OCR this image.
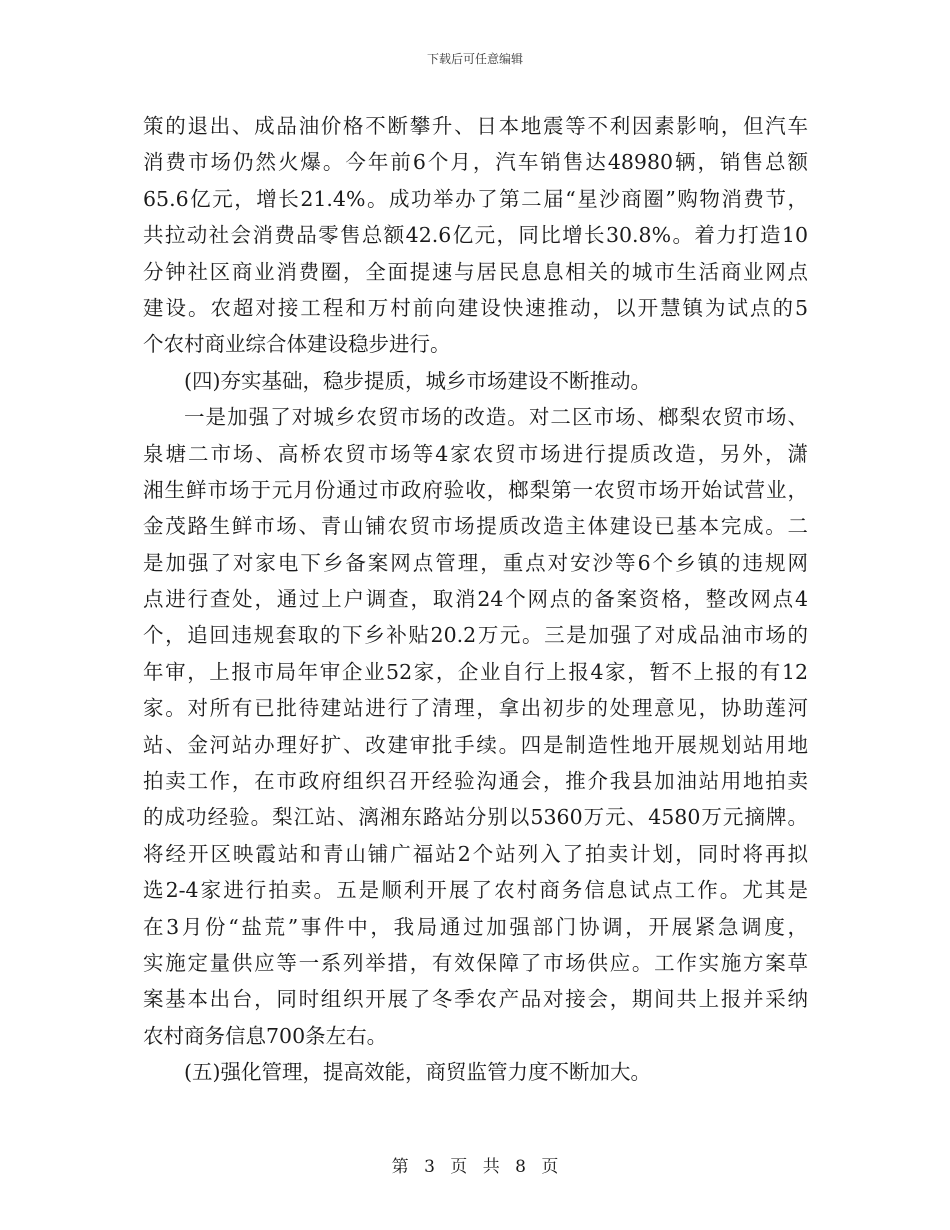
下载后可任意编辑
策的退出、成品油价格不断攀升、日本地震等不利因素影响，但汽车
消费市场仍然火爆。今年前6个月，汽车销售达48980辆，销售总额
65.6亿元，增长21.4%。成功举办了第二届“星沙商圈”购物消费节，
共拉动社会消费品零售总额42.6亿元，同比增长30.8%。着力打造10
分钟社区商业消费圈，全面提速与居民息息相关的城市生活商业网点
建设。农超对接工程和万村前向建设快速推动，以开慧镇为试点的5
个农村商业综合体建设稳步进行。
(四)夯实基础，稳步提质，城乡市场建设不断推动。
一是加强了对城乡农贸市场的改造。对二区市场、榔梨农贸市场、
泉塘二市场、高桥农贸市场等4家农贸市场进行提质改造，另外，潇
湘生鲜市场于元月份通过市政府验收，榔梨第一农贸市场开始试营业，
金茂路生鲜市场、青山铺农贸市场提质改造主体建设已基本完成。二
是加强了对家电下乡备案网点管理，重点对安沙等6个乡镇的违规网
点进行查处，通过上户调查，取消24个网点的备案资格，整改网点4
个，追回违规套取的下乡补贴20.2万元。三是加强了对成品油市场的
年审，上报市局年审企业52家，企业自行上报4家，暂不上报的有12
家。对所有已批待建站进行了清理，拿出初步的处理意见，协助莲河
站、金河站办理好扩、改建审批手续。四是制造性地开展规划站用地
拍卖工作，在市政府组织召开经验沟通会，推介我县加油站用地拍卖
的成功经验。梨江站、漓湘东路站分别以5360万元、4580万元摘牌。
将经开区映霞站和青山铺广福站2个站列入了拍卖计划，同时将再拟
选2-4家进行拍卖。五是顺利开展了农村商务信息试点工作。尤其是
在3月份“盐荒”事件中，我局通过加强部门协调，开展紧急调度，
实施定量供应等一系列举措，有效保障了市场供应。工作实施方案草
案基本出台，同时组织开展了冬季农产品对接会，期间共上报并采纳
农村商务信息700条左右。
(五)强化管理，提高效能，商贸监管力度不断加大。
第 3 页 共 8 页
